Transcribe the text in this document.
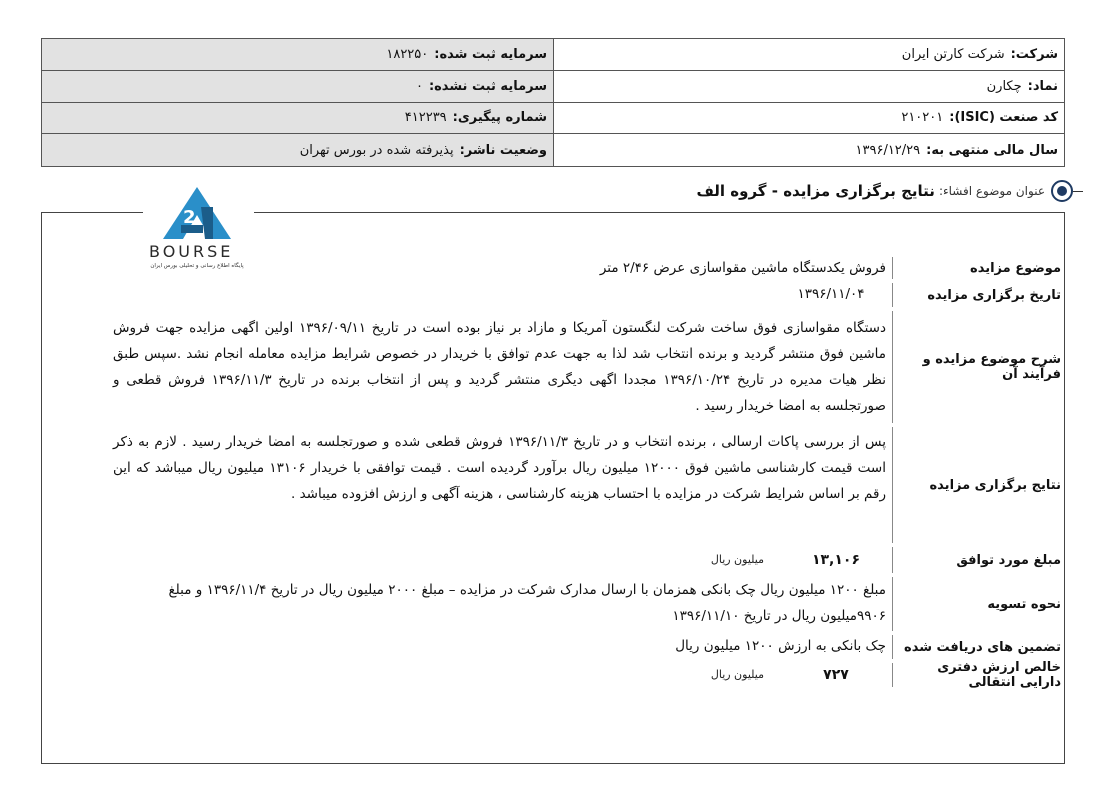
شرکت:
شرکت کارتن ایران
سرمایه ثبت شده:
۱۸۲۲۵۰
نماد:
چکارن
سرمایه ثبت نشده:
۰
کد صنعت (ISIC):
۲۱۰۲۰۱
شماره پیگیری:
۴۱۲۲۳۹
سال مالی منتهی به:
۱۳۹۶/۱۲/۲۹
وضعیت ناشر:
پذیرفته شده در بورس تهران
عنوان موضوع افشاء:
نتایج برگزاری مزایده - گروه الف
2
BOURSE
پایگاه اطلاع رسانی و تحلیلی بورس ایران	موضوع مزایده
فروش یکدستگاه ماشین مقواسازی عرض ۲/۴۶ متر
تاریخ برگزاری مزایده
۱۳۹۶/۱۱/۰۴
شرح موضوع مزایده و فرآیند آن
دستگاه مقواسازی فوق ساخت شرکت لنگستون آمریکا و مازاد بر نیاز بوده است در تاریخ ۱۳۹۶/۰۹/۱۱ اولین اگهی مزایده جهت فروش ماشین فوق منتشر گردید و برنده انتخاب شد لذا به جهت عدم توافق با خریدار در خصوص شرایط مزایده معامله انجام نشد .سپس طبق نظر هیات مدیره در تاریخ ۱۳۹۶/۱۰/۲۴ مجددا اگهی دیگری منتشر گردید و پس از انتخاب برنده در تاریخ ۱۳۹۶/۱۱/۳ فروش قطعی و صورتجلسه به امضا خریدار رسید .
نتایج برگزاری مزایده
پس از بررسی پاکات ارسالی ، برنده انتخاب و در تاریخ ۱۳۹۶/۱۱/۳ فروش قطعی شده و صورتجلسه به امضا خریدار رسید . لازم به ذکر است قیمت کارشناسی ماشین فوق ۱۲۰۰۰ میلیون ریال برآورد گردیده است . قیمت توافقی با خریدار ۱۳۱۰۶ میلیون ریال میباشد که این رقم بر اساس شرایط شرکت در مزایده با احتساب هزینه کارشناسی ، هزینه آگهی و ارزش افزوده میباشد .
مبلغ مورد توافق
۱۳,۱۰۶
میلیون ریال
نحوه تسویه
مبلغ ۱۲۰۰ میلیون ریال چک بانکی همزمان با ارسال مدارک شرکت در مزایده – مبلغ ۲۰۰۰ میلیون ریال در تاریخ ۱۳۹۶/۱۱/۴ و مبلغ ۹۹۰۶میلیون ریال در تاریخ ۱۳۹۶/۱۱/۱۰
تضمین های دریافت شده
چک بانکی به ارزش ۱۲۰۰ میلیون ریال
خالص ارزش دفتری دارایی انتقالی
۷۲۷
میلیون ریال
